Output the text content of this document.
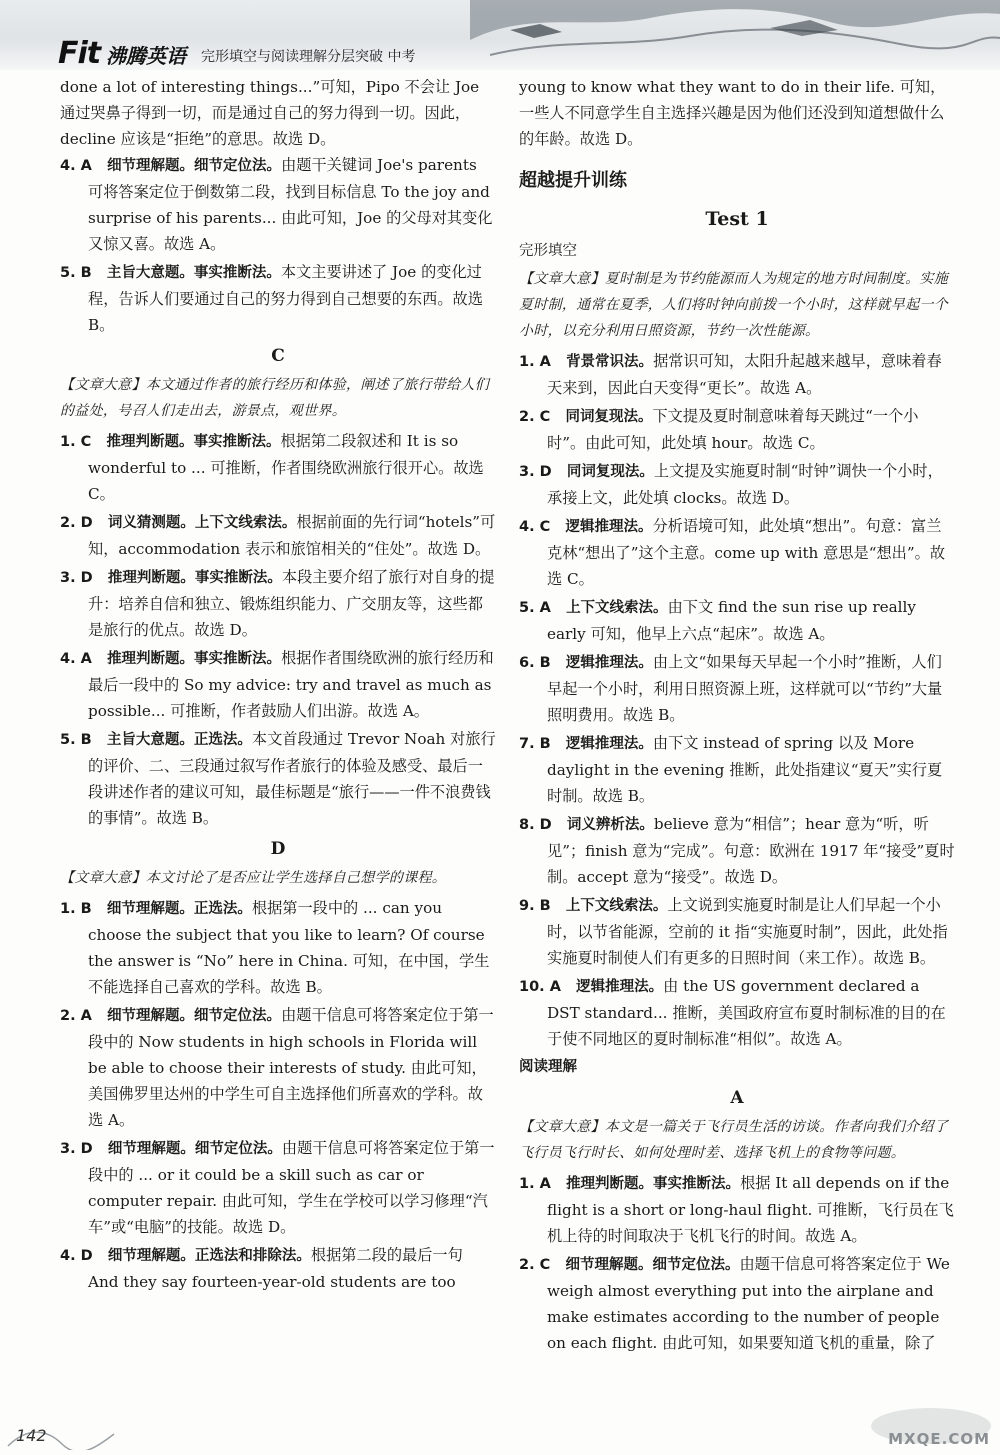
Fit 沸腾英语 完形填空与阅读理解分层突破 中考

done a lot of interesting things...”可知，Pipo 不会让 Joe 通过哭鼻子得到一切，而是通过自己的努力得到一切。因此，decline 应该是“拒绝”的意思。故选 D。

4. A  细节理解题。细节定位法。由题干关键词 Joe's parents 可将答案定位于倒数第二段，找到目标信息 To the joy and surprise of his parents... 由此可知，Joe 的父母对其变化又惊又喜。故选 A。

5. B  主旨大意题。事实推断法。本文主要讲述了 Joe 的变化过程，告诉人们要通过自己的努力得到自己想要的东西。故选 B。

C

【文章大意】本文通过作者的旅行经历和体验，阐述了旅行带给人们的益处，号召人们走出去，游景点，观世界。

1. C  推理判断题。事实推断法。根据第二段叙述和 It is so wonderful to ... 可推断，作者围绕欧洲旅行很开心。故选 C。

2. D  词义猜测题。上下文线索法。根据前面的先行词“hotels”可知，accommodation 表示和旅馆相关的“住处”。故选 D。

3. D  推理判断题。事实推断法。本段主要介绍了旅行对自身的提升：培养自信和独立、锻炼组织能力、广交朋友等，这些都是旅行的优点。故选 D。

4. A  推理判断题。事实推断法。根据作者围绕欧洲的旅行经历和最后一段中的 So my advice: try and travel as much as possible... 可推断，作者鼓励人们出游。故选 A。

5. B  主旨大意题。正选法。本文首段通过 Trevor Noah 对旅行的评价、二、三段通过叙写作者旅行的体验及感受、最后一段讲述作者的建议可知，最佳标题是“旅行——一件不浪费钱的事情”。故选 B。

D

【文章大意】本文讨论了是否应让学生选择自己想学的课程。

1. B  细节理解题。正选法。根据第一段中的 ... can you choose the subject that you like to learn? Of course the answer is “No” here in China. 可知，在中国，学生不能选择自己喜欢的学科。故选 B。

2. A  细节理解题。细节定位法。由题干信息可将答案定位于第一段中的 Now students in high schools in Florida will be able to choose their interests of study. 由此可知，美国佛罗里达州的中学生可自主选择他们所喜欢的学科。故选 A。

3. D  细节理解题。细节定位法。由题干信息可将答案定位于第一段中的 ... or it could be a skill such as car or computer repair. 由此可知，学生在学校可以学习修理“汽车”或“电脑”的技能。故选 D。

4. D  细节理解题。正选法和排除法。根据第二段的最后一句 And they say fourteen-year-old students are too

young to know what they want to do in their life. 可知，一些人不同意学生自主选择兴趣是因为他们还没到知道想做什么的年龄。故选 D。

超越提升训练

Test 1

完形填空

【文章大意】夏时制是为节约能源而人为规定的地方时间制度。实施夏时制，通常在夏季，人们将时钟向前拨一个小时，这样就早起一个小时，以充分利用日照资源，节约一次性能源。

1. A  背景常识法。据常识可知，太阳升起越来越早，意味着春天来到，因此白天变得“更长”。故选 A。

2. C  同词复现法。下文提及夏时制意味着每天跳过“一个小时”。由此可知，此处填 hour。故选 C。

3. D  同词复现法。上文提及实施夏时制“时钟”调快一个小时，承接上文，此处填 clocks。故选 D。

4. C  逻辑推理法。分析语境可知，此处填“想出”。句意：富兰克林“想出了”这个主意。come up with 意思是“想出”。故选 C。

5. A  上下文线索法。由下文 find the sun rise up really early 可知，他早上六点“起床”。故选 A。

6. B  逻辑推理法。由上文“如果每天早起一个小时”推断，人们早起一个小时，利用日照资源上班，这样就可以“节约”大量照明费用。故选 B。

7. B  逻辑推理法。由下文 instead of spring 以及 More daylight in the evening 推断，此处指建议“夏天”实行夏时制。故选 B。

8. D  词义辨析法。believe 意为“相信”；hear 意为“听，听见”；finish 意为“完成”。句意：欧洲在 1917 年“接受”夏时制。accept 意为“接受”。故选 D。

9. B  上下文线索法。上文说到实施夏时制是让人们早起一个小时，以节省能源，空前的 it 指“实施夏时制”，因此，此处指实施夏时制使人们有更多的日照时间（来工作）。故选 B。

10. A  逻辑推理法。由 the US government declared a DST standard... 推断，美国政府宣布夏时制标准的目的在于使不同地区的夏时制标准“相似”。故选 A。

阅读理解

A

【文章大意】本文是一篇关于飞行员生活的访谈。作者向我们介绍了飞行员飞行时长、如何处理时差、选择飞机上的食物等问题。

1. A  推理判断题。事实推断法。根据 It all depends on if the flight is a short or long-haul flight. 可推断，飞行员在飞机上待的时间取决于飞机飞行的时间。故选 A。

2. C  细节理解题。细节定位法。由题干信息可将答案定位于 We weigh almost everything put into the airplane and make estimates according to the number of people on each flight. 由此可知，如果要知道飞机的重量，除了

142	MXQE.COM
